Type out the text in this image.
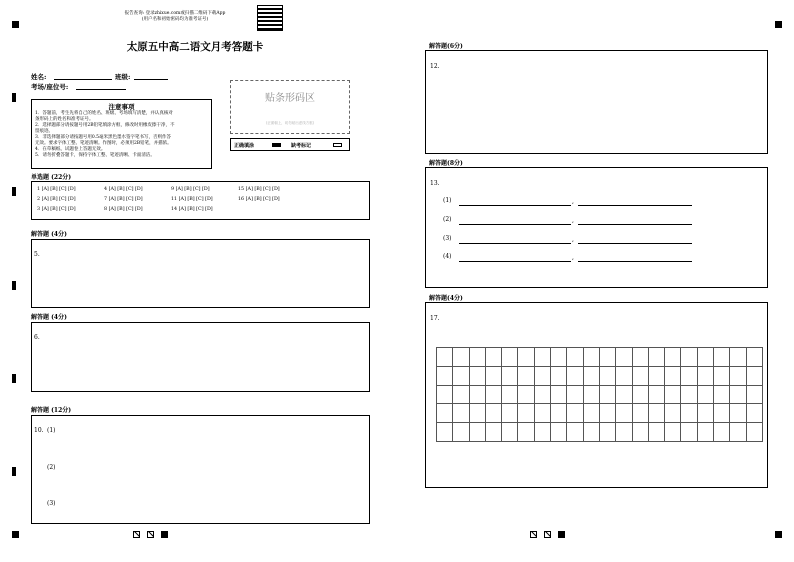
报告查询: 登录zhixue.com或扫描二维码下载App
(用户名和初始密码均为准考证号)
太原五中高二语文月考答题卡
姓名:	班级:
考场/座位号:
注意事项
1．答题前，考生先将自己的姓名、班级、考场填写清楚，并认真核对
条形码上的姓名和准考证号。
2．选择题部分请按题号用2B铅笔填涂方框，修改时用橡皮擦干净，不
留痕迹。
3．非选择题部分请按题号用0.5毫米黑色墨水签字笔书写，否则作答
无效。要求字体工整、笔迹清晰。作图时，必须用2B铅笔，并描浓。
4．在草稿纸、试题卷上答题无效。
5．请勿折叠答题卡，保持字体工整、笔迹清晰、卡面清洁。
贴条形码区
(正面朝上，切勿贴出虚线方框)
正确填涂	缺考标记
单选题 (22分)
1 [A] [B] [C] [D]	4 [A] [B] [C] [D]	9 [A] [B] [C] [D]	15 [A] [B] [C] [D]
2 [A] [B] [C] [D]	7 [A] [B] [C] [D]	11 [A] [B] [C] [D]	16 [A] [B] [C] [D]
3 [A] [B] [C] [D]	8 [A] [B] [C] [D]	14 [A] [B] [C] [D]
解答题 (4分)
5.
解答题 (4分)
6.
解答题 (12分)
10. (1)
(2)
(3)
解答题(6分)
12.
解答题(8分)
13.
(1)	,
(2)	,
(3)	,
(4)	,
解答题(4分)
17.
